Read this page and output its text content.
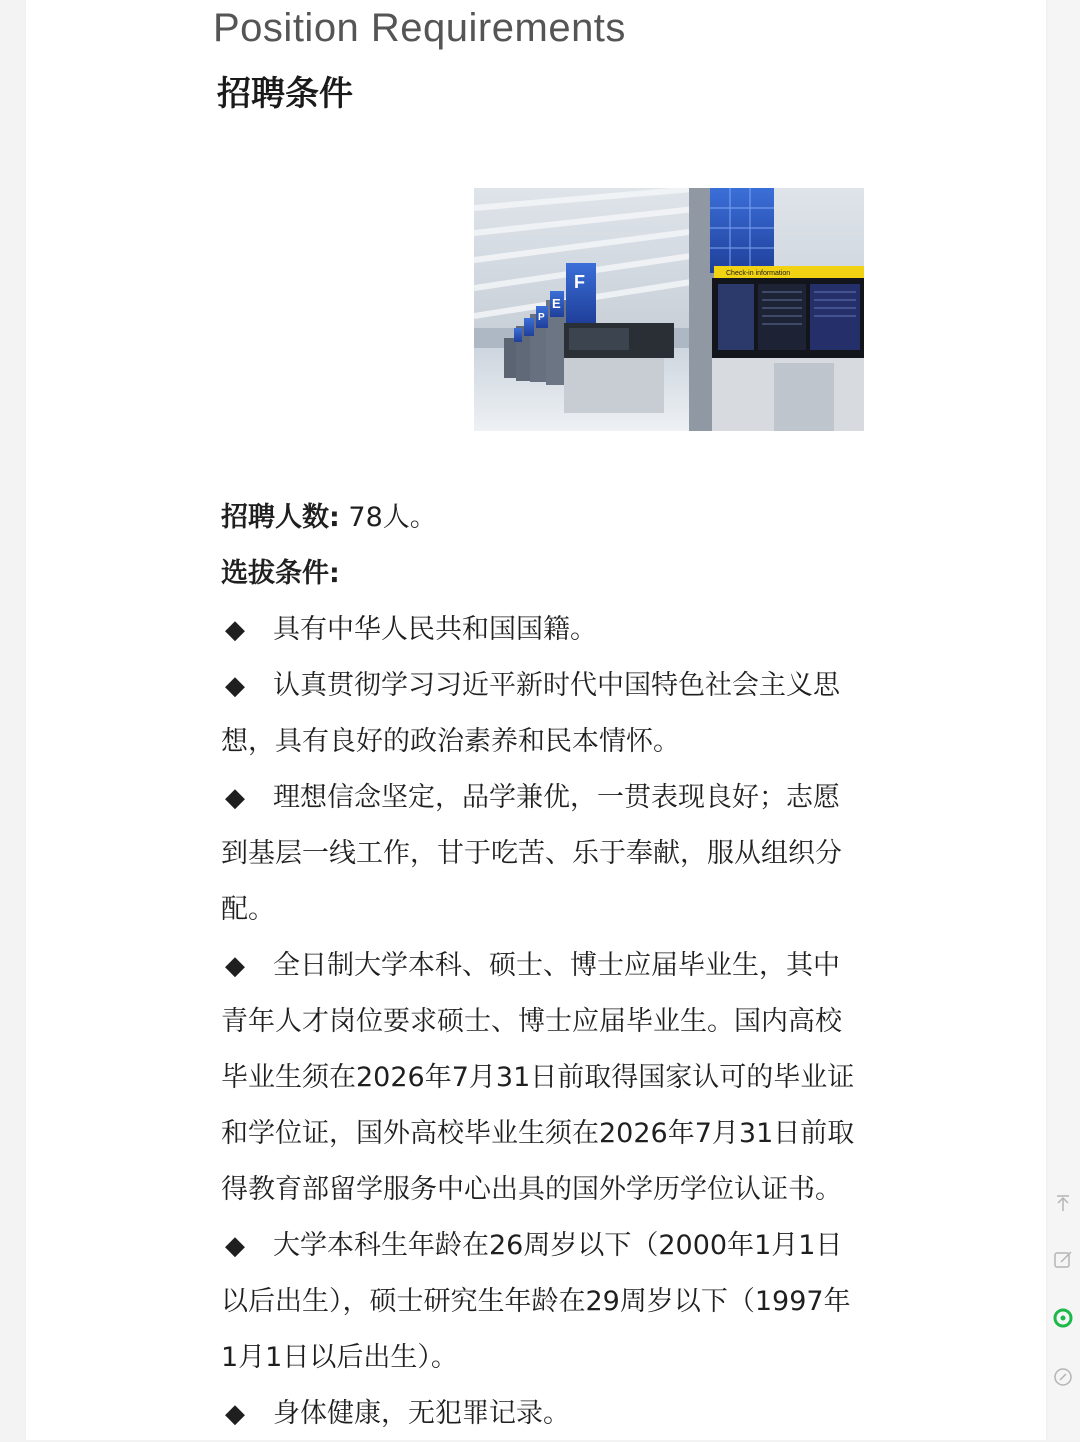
Position Requirements
招聘条件
F
E
P
Check-in information

招聘人数: 78人。

选拔条件:

◆ 具有中华人民共和国国籍。

◆ 认真贯彻学习习近平新时代中国特色社会主义思想，具有良好的政治素养和民本情怀。

◆ 理想信念坚定，品学兼优，一贯表现良好；志愿到基层一线工作，甘于吃苦、乐于奉献，服从组织分配。

◆ 全日制大学本科、硕士、博士应届毕业生，其中青年人才岗位要求硕士、博士应届毕业生。国内高校毕业生须在2026年7月31日前取得国家认可的毕业证和学位证，国外高校毕业生须在2026年7月31日前取得教育部留学服务中心出具的国外学历学位认证书。

◆ 大学本科生年龄在26周岁以下（2000年1月1日以后出生），硕士研究生年龄在29周岁以下（1997年1月1日以后出生）。

◆ 身体健康，无犯罪记录。
